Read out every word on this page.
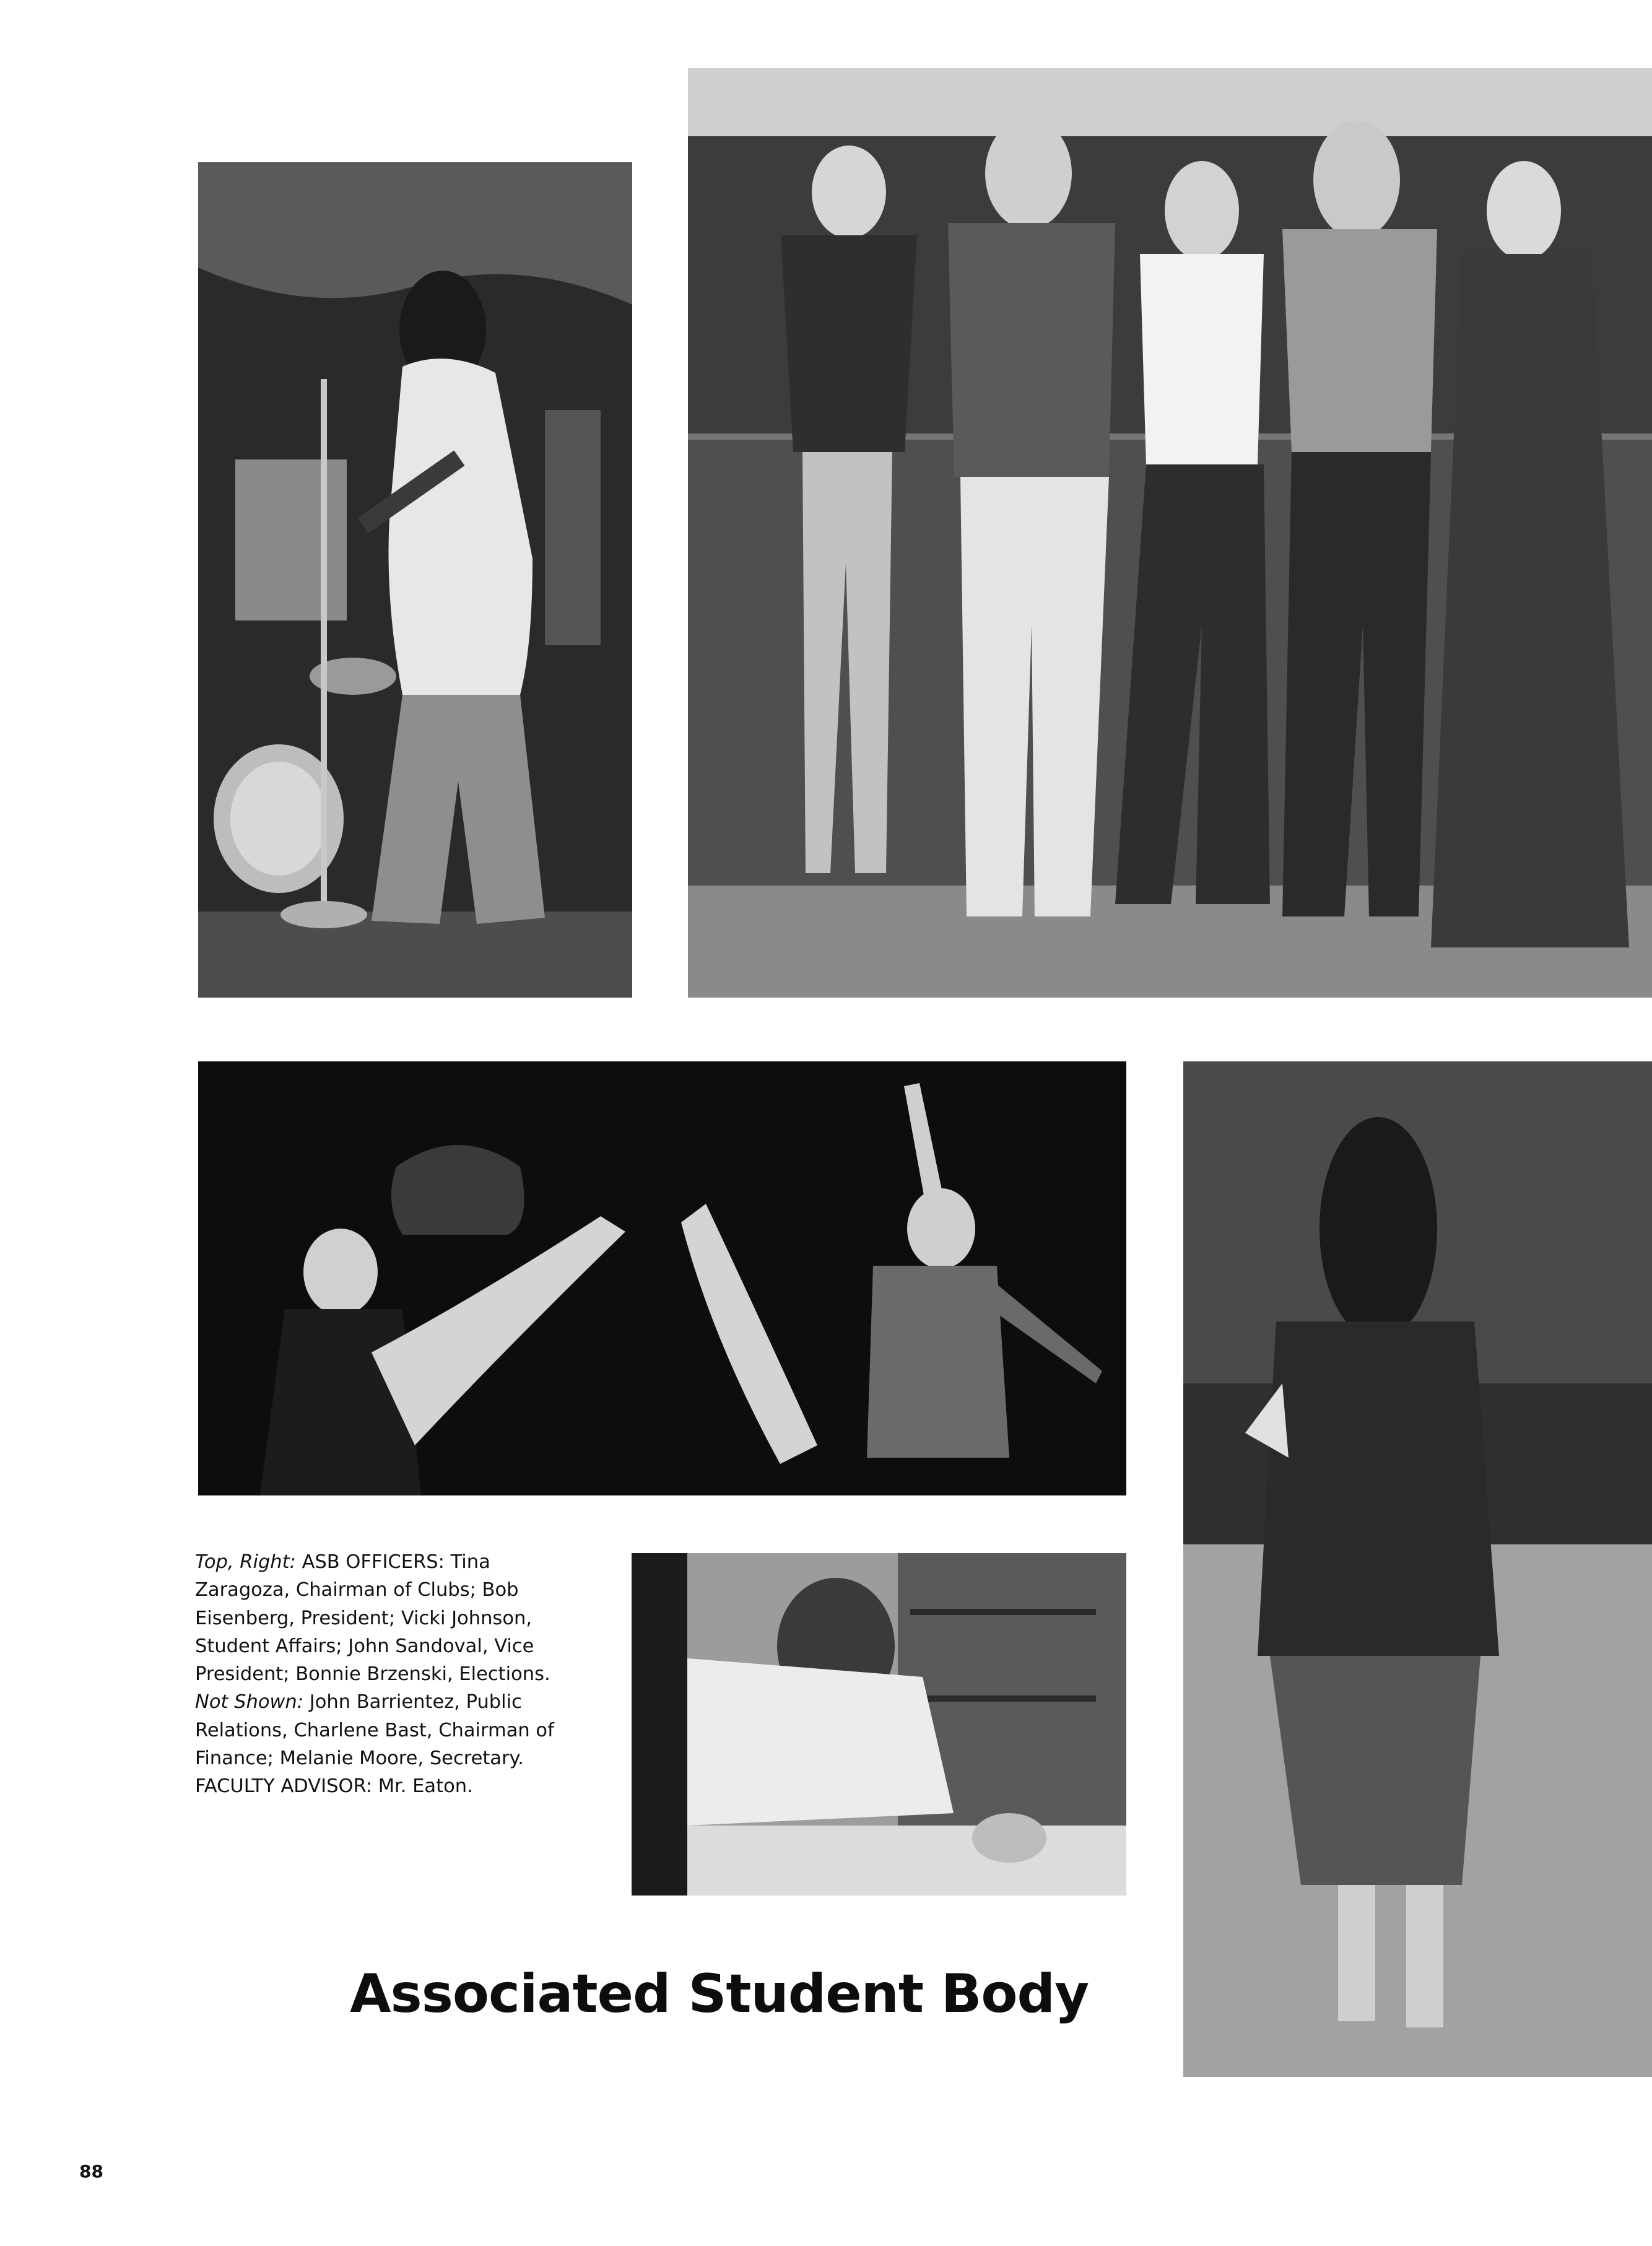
Top, Right: ASB OFFICERS: Tina Zaragoza, Chairman of Clubs; Bob Eisenberg, President; Vicki Johnson, Student Affairs; John Sandoval, Vice President; Bonnie Brzenski, Elections. Not Shown: John Barrientez, Public Relations, Charlene Bast, Chairman of Finance; Melanie Moore, Secretary. FACULTY ADVISOR: Mr. Eaton.
Associated Student Body
88
